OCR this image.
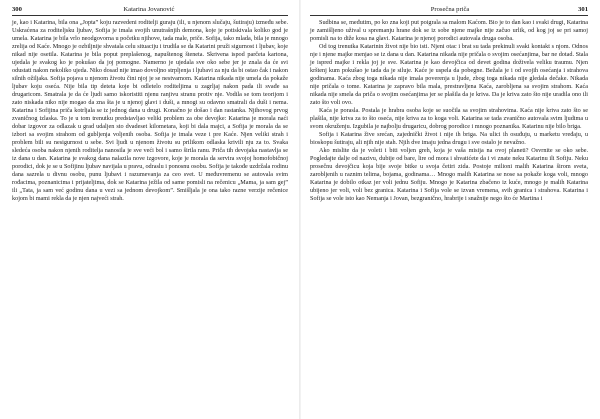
300	Katarina Jovanović

je, kao i Katarina, bila ona „Jopta” koju razvedeni roditelji guraju (ili, u njenom slučaju, šutiraju) između sebe. Uskraćena za roditeljsku ljubav, Sofija je imala svojih unutrašnjih demona, koje je potiskivala koliko god je umela. Katarina je bila vrlo neodgovorna u početku njihove, tada male, priče. Sofija, tako mlada, bila je mnogo zrelija od Kaće. Mnogo je ozbiljnije shvatala celu situaciju i trudila se da Katarini pruži sigurnost i ljubav, koje nikad nije osetila. Katarina je bila poput preplašenog, napuštenog šteneta. Skrivena ispod parčeta kartona, ujedala je svakog ko je pokušao da joj pomogne. Namerno je ujedala sve oko sebe jer je znala da će svi odustati nakon nekoliko ujeda. Niko dosad nije imao dovoljno strpljenja i ljubavi za nju da bi ostao čak i nakon silnih ožiljaka. Sofija pojava u njenom životu čini njoj je se nestvarnom. Katarina nikada nije umela da pokaže ljubav koju oseća. Nije bila tip deteta koje bi odletelo roditeljima u zagrljaj nakon pada ili svađe sa drugaricom. Smatrala je da će ljudi samo iskoristiti njenu ranjivu stranu protiv nje. Vodila se tom teorijom i zato niskada niko nije mogao da zna šta je u njenoj glavi i duši, a mnogi su odavno smatrali da duši i nema. Katarina i Sofijina priča kotrljala se iz jednog dana u drugi. Konačno je došao i dan rastanka. Njihovog prvog zvaničnog izlaska. To je u tom trenutku predstavljao veliki problem za obe devojke: Katarina je morala naći dobar izgovor za odlazak u grad udaljen sto dvadeset kilometara, koji bi dala majci, a Sofija je morala da se izbori sa svojim strahom od gubljenja voljenih osoba. Sofija je imala veze i pre Kaće. Njen veliki strah i problem bili su nesigurnost u sebe. Svi ljudi u njenom životu su prilikom odlaska krivili nju za to. Svaka sledeća osoba nakon njenih roditelja nanosila je sve veći bol i samo širila ranu. Priča tih devojaka nastavlja se iz dana u dan. Katarina je svakog dana nalazila nove izgovore, koje je morala da servira svojoj homofobičnoj porodici, dok je se u Sofijinu ljubav navijala u pravu, odraslu i ponosnu osobu. Sofija je takođe uzdržala rodinu dana sazrela u divnu osobu, punu ljubavi i razumevanja za ceo svet. U međuvremenu se autovala svim rođacima, poznanicima i prijateljima, dok se Katarina ježila od same pomisli na rečenicu „Mama, ja sam gej” ili „Tata, ja sam već godinu dana u vezi sa jednom devojkom”. Smišljala je ona tako razne verzije rečenice kojom bi mami rekla da je njen najveći strah.

Prosečna priča	301

Sudbina se, međutim, po ko zna koji put poigrala sa malom Kaćom. Bio je to dan kao i svaki drugi, Katarina je zamišljeno užival u spremanju hrane dok se iz sobe njene majke nije začuo urlik, od kog joj se pri samoj pomisli na to diže kosa na glavi. Katarina je njenoj porodici autovala druga osoba.

Od tog trenutka Katarinin život nije bio isti. Njeni otac i brat su tada prekinuli svaki kontakt s njom. Odnos nje i njene majke menjao se iz dana u dan. Katarina nikada nije pričala o svojim osećanjima, bar ne dotad. Stala je ispred majke i rekla joj je sve. Katarina je kao devojčica od devet godina doživela veliku traumu. Njen krštenj kum pokušao je tada da je siluje. Kaće je uspela da pobegne. Bežala je i od svojih osećanja i strahova godinama. Kaća zbog toga nikada nije imala poverenja u ljude, zbog toga nikada nije gledala dečake. Nikada nije pričala o tome. Katarina je zapravo bila mala, prestravljena Kaća, zarobljena sa svojim strahom. Kaća nikada nije smela da priča o svojim osećanjima jer se plašila da je kriva. Da je kriva zato što nije uradila ono ili zato što voli ovo.

Kaća je porasla. Postala je hrabra osoba koje se suočila sa svojim strahovima. Kaća nije kriva zato što se plašila, nije kriva za to što oseća, nije kriva za to koga voli. Katarina se tada zvanično autovala svim ljudima u svom okruženju. Izgubila je najbolju drugaricu, dobrog porodice i mnogo poznanika. Katarinu nije bilo briga.

Sofija i Katarina žive srećan, zajednički život i nije ih briga. Na ulici ih osuđuju, u marketu vređaju, u bioskopu šutiraju, ali njih nije stah. Njih dve imaju jedna drugu i sve ostalo je nevažno.

Ako mislite da je voleti i biti voljen greh, koja je vaša misija na ovoj planeti? Osvrnite se oko sebe. Pogledajte dalje od nazivu, dubije od bare, lire od mora i shvatićete da i vi znate neku Katarinu ili Sofiju. Neku prosečnu devojčicu koja bije svoje bitke u svoja četiri zida. Postoje milioni malih Katarina širom sveta, zarobljenih u raznim telima, bojama, godinama… Mnogo malih Katarina se nose sa pokaže koga voli, mnogo Katarina je dobilo otkaz jer voli jednu Sofiju. Mnogo je Katarina zbačeno iz kuće, mnogo je malih Katarina ubijeno jer voli, voli bez granica. Katarina i Sofija vole se izvan vremena, svih granica i strahova. Katarina i Sofija se vole isto kao Nemanja i Jovan, bezgranično, hrabrije i snažnije nego što će Martina i
